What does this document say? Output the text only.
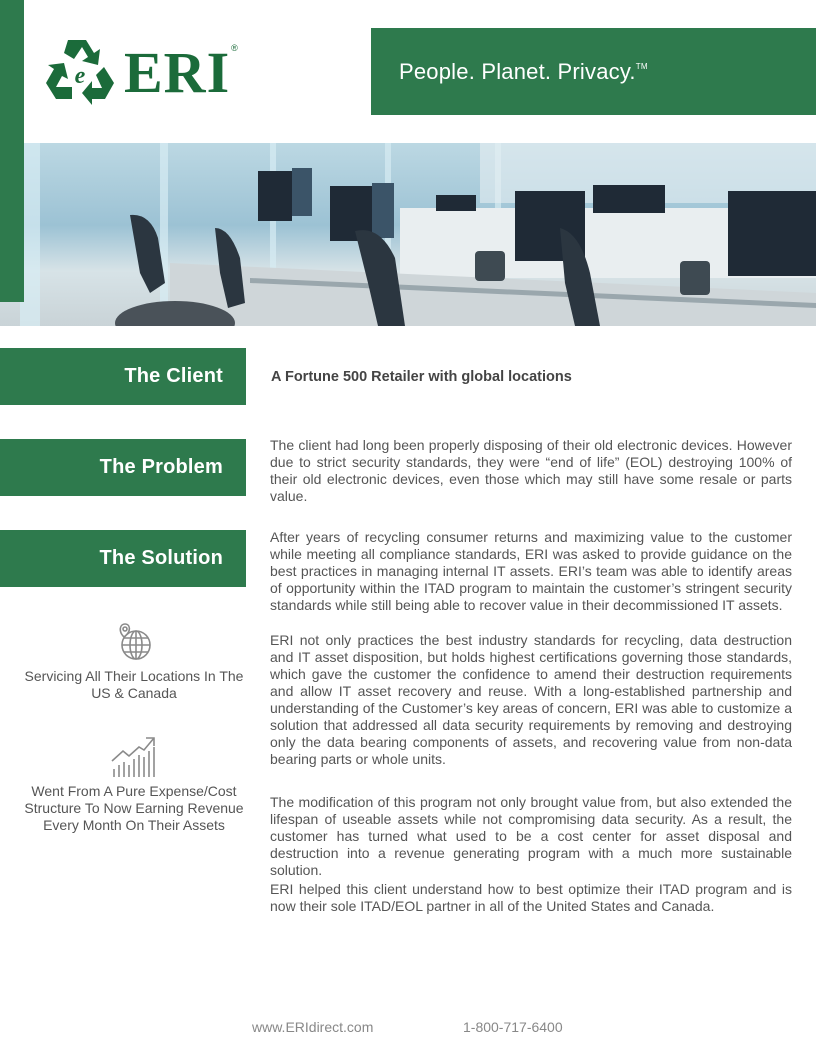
e ERI ®
People. Planet. Privacy.™
The Client	A Fortune 500 Retailer with global locations
The Problem

The client had long been properly disposing of their old electronic devices. However due to strict security standards, they were “end of life” (EOL) destroying 100% of their old electronic devices, even those which may still have some resale or parts value.

The Solution

After years of recycling consumer returns and maximizing value to the customer while meeting all compliance standards, ERI was asked to provide guidance on the best practices in managing internal IT assets. ERI’s team was able to identify areas of opportunity within the ITAD program to maintain the customer’s stringent security standards while still being able to recover value in their decommissioned IT assets.

ERI not only practices the best industry standards for recycling, data destruction and IT asset disposition, but holds highest certifications governing those standards, which gave the customer the confidence to amend their destruction requirements and allow IT asset recovery and reuse. With a long-established partnership and understanding of the Customer’s key areas of concern, ERI was able to customize a solution that addressed all data security requirements by removing and destroying only the data bearing components of assets, and recovering value from non-data bearing parts or whole units.

The modification of this program not only brought value from, but also extended the lifespan of useable assets while not compromising data security. As a result, the customer has turned what used to be a cost center for asset disposal and destruction into a revenue generating program with a much more sustainable solution.

ERI helped this client understand how to best optimize their ITAD program and is now their sole ITAD/EOL partner in all of the United States and Canada.

Servicing All Their Locations In The US & Canada
Went From A Pure Expense/Cost Structure To Now Earning Revenue Every Month On Their Assets
www.ERIdirect.com	1-800-717-6400
